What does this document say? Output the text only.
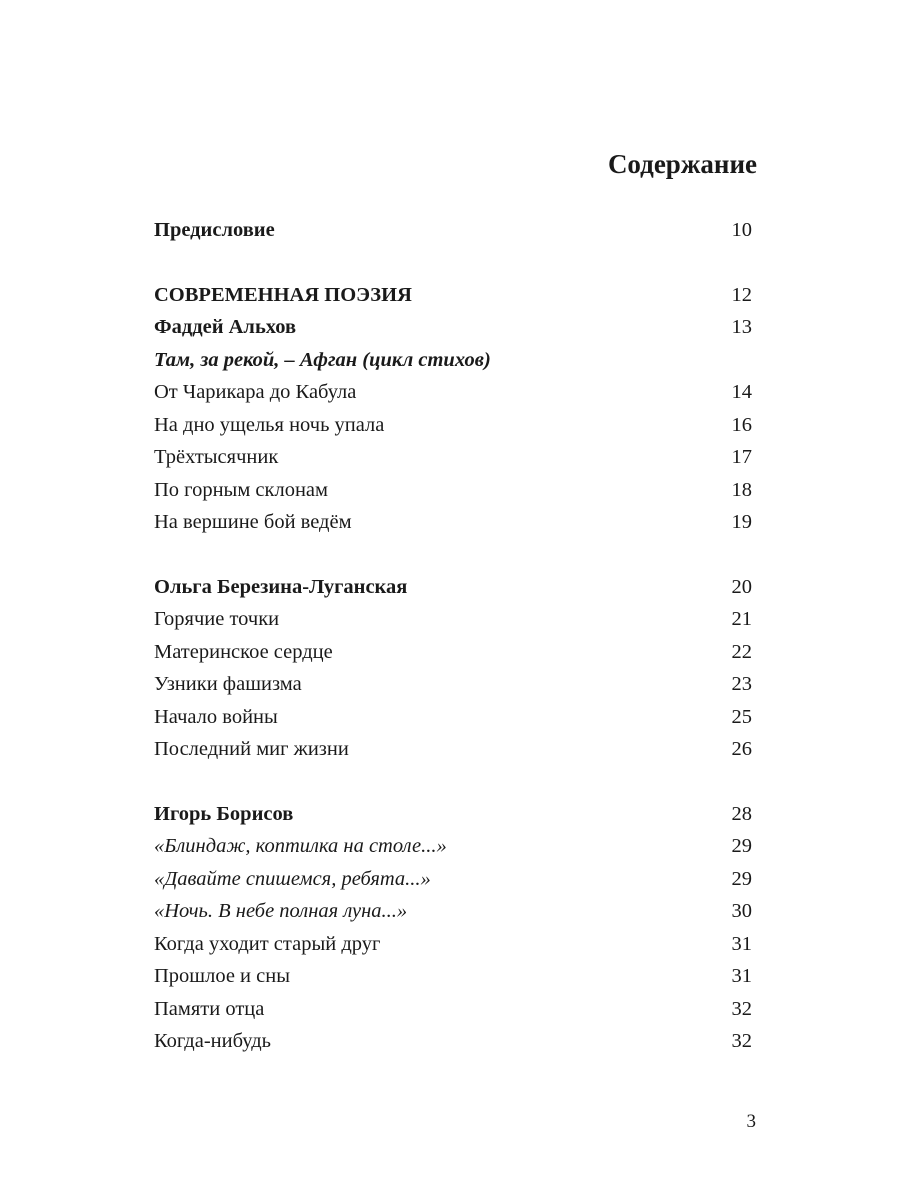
Содержание
Предисловие .....	10
СОВРЕМЕННАЯ ПОЭЗИЯ .....	12
Фаддей Альхов .....	13
Там, за рекой, – Афган (цикл стихов)
От Чарикара до Кабула .....	14
На дно ущелья ночь упала .....	16
Трёхтысячник .....	17
По горным склонам .....	18
На вершине бой ведём .....	19
Ольга Березина-Луганская .....	20
Горячие точки .....	21
Материнское сердце .....	22
Узники фашизма .....	23
Начало войны .....	25
Последний миг жизни .....	26
Игорь Борисов .....	28
«Блиндаж, коптилка на столе...» .....	29
«Давайте спишемся, ребята...» .....	29
«Ночь. В небе полная луна...» .....	30
Когда уходит старый друг .....	31
Прошлое и сны .....	31
Памяти отца .....	32
Когда-нибудь .....	32
3
